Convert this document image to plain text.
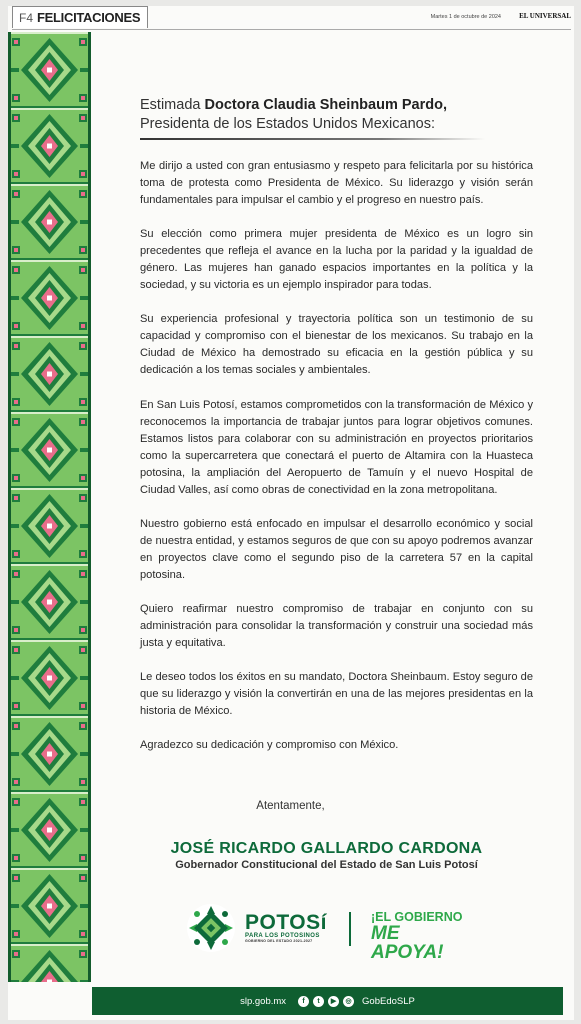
F4 FELICITACIONES	Martes 1 de octubre de 2024	EL UNIVERSAL
Estimada Doctora Claudia Sheinbaum Pardo,
Presidenta de los Estados Unidos Mexicanos:

Me dirijo a usted con gran entusiasmo y respeto para felicitarla por su histórica toma de protesta como Presidenta de México. Su liderazgo y visión serán fundamentales para impulsar el cambio y el progreso en nuestro país.

Su elección como primera mujer presidenta de México es un logro sin precedentes que refleja el avance en la lucha por la paridad y la igualdad de género. Las mujeres han ganado espacios importantes en la política y la sociedad, y su victoria es un ejemplo inspirador para todas.

Su experiencia profesional y trayectoria política son un testimonio de su capacidad y compromiso con el bienestar de los mexicanos. Su trabajo en la Ciudad de México ha demostrado su eficacia en la gestión pública y su dedicación a los temas sociales y ambientales.

En San Luis Potosí, estamos comprometidos con la transformación de México y reconocemos la importancia de trabajar juntos para lograr objetivos comunes. Estamos listos para colaborar con su administración en proyectos prioritarios como la supercarretera que conectará el puerto de Altamira con la Huasteca potosina, la ampliación del Aeropuerto de Tamuín y el nuevo Hospital de Ciudad Valles, así como obras de conectividad en la zona metropolitana.

Nuestro gobierno está enfocado en impulsar el desarrollo económico y social de nuestra entidad, y estamos seguros de que con su apoyo podremos avanzar en proyectos clave como el segundo piso de la carretera 57 en la capital potosina.

Quiero reafirmar nuestro compromiso de trabajar en conjunto con su administración para consolidar la transformación y construir una sociedad más justa y equitativa.

Le deseo todos los éxitos en su mandato, Doctora Sheinbaum. Estoy seguro de que su liderazgo y visión la convertirán en una de las mejores presidentas en la historia de México.

Agradezco su dedicación y compromiso con México.

Atentamente,
JOSÉ RICARDO GALLARDO CARDONA
Gobernador Constitucional del Estado de San Luis Potosí
POTOSí
PARA LOS POTOSINOS
GOBIERNO DEL ESTADO 2021-2027
¡EL GOBIERNO
ME APOYA!
slp.gob.mx	f	t	▶	◎ GobEdoSLP
